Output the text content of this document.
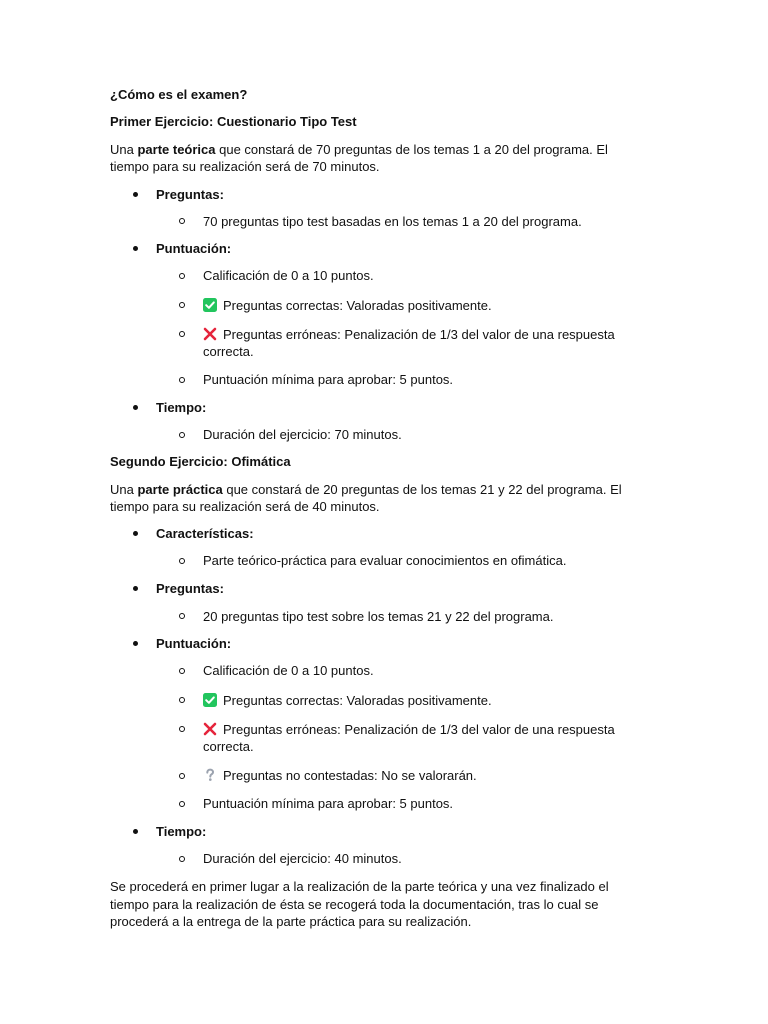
¿Cómo es el examen?
Primer Ejercicio: Cuestionario Tipo Test
Una parte teórica que constará de 70 preguntas de los temas 1 a 20 del programa. El
tiempo para su realización será de 70 minutos.
Preguntas:
70 preguntas tipo test basadas en los temas 1 a 20 del programa.
Puntuación:
Calificación de 0 a 10 puntos.
Preguntas correctas: Valoradas positivamente.
Preguntas erróneas: Penalización de 1/3 del valor de una respuesta
correcta.
Puntuación mínima para aprobar: 5 puntos.
Tiempo:
Duración del ejercicio: 70 minutos.
Segundo Ejercicio: Ofimática
Una parte práctica que constará de 20 preguntas de los temas 21 y 22 del programa. El
tiempo para su realización será de 40 minutos.
Características:
Parte teórico-práctica para evaluar conocimientos en ofimática.
Preguntas:
20 preguntas tipo test sobre los temas 21 y 22 del programa.
Puntuación:
Calificación de 0 a 10 puntos.
Preguntas correctas: Valoradas positivamente.
Preguntas erróneas: Penalización de 1/3 del valor de una respuesta
correcta.
Preguntas no contestadas: No se valorarán.
Puntuación mínima para aprobar: 5 puntos.
Tiempo:
Duración del ejercicio: 40 minutos.
Se procederá en primer lugar a la realización de la parte teórica y una vez finalizado el
tiempo para la realización de ésta se recogerá toda la documentación, tras lo cual se
procederá a la entrega de la parte práctica para su realización.
